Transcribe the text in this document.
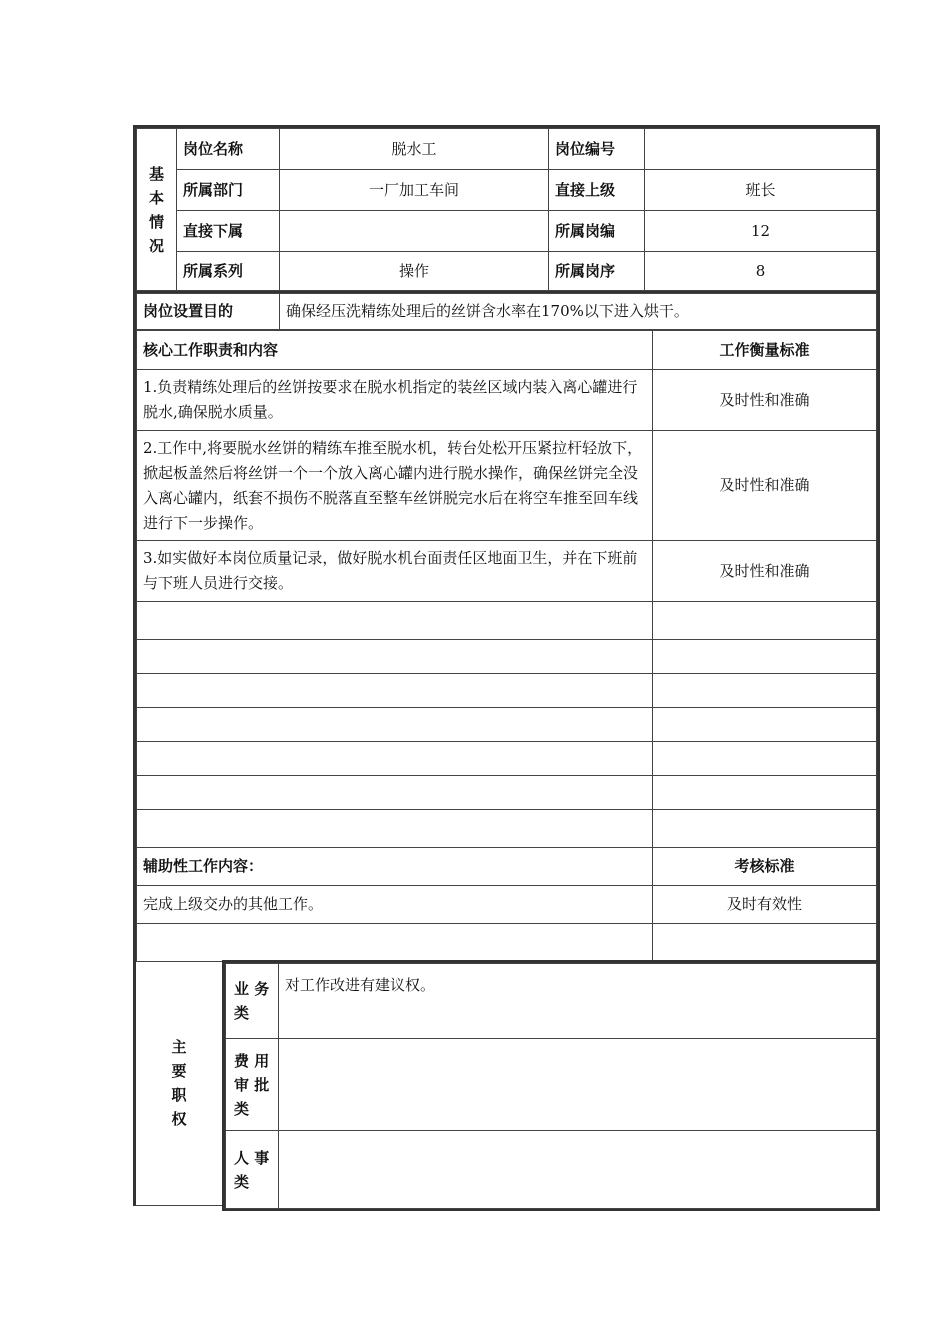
基
本
情
况	岗位名称	脱水工	岗位编号	
	所属部门	一厂加工车间	直接上级	班长
	直接下属		所属岗编	12
	所属系列	操作	所属岗序	8
岗位设置目的	确保经压洗精练处理后的丝饼含水率在170%以下进入烘干。
核心工作职责和内容	工作衡量标准
1.负责精练处理后的丝饼按要求在脱水机指定的装丝区域内装入离心罐进行脱水,确保脱水质量。	及时性和准确
2.工作中,将要脱水丝饼的精练车推至脱水机，转台处松开压紧拉杆轻放下，掀起板盖然后将丝饼一个一个放入离心罐内进行脱水操作，确保丝饼完全没入离心罐内，纸套不损伤不脱落直至整车丝饼脱完水后在将空车推至回车线进行下一步操作。	及时性和准确
3.如实做好本岗位质量记录，做好脱水机台面责任区地面卫生，并在下班前与下班人员进行交接。	及时性和准确

辅助性工作内容：	考核标准
完成上级交办的其他工作。	及时有效性

主
要
职
权
业 务
类	对工作改进有建议权。

费 用
审 批
类	

人 事
类	
